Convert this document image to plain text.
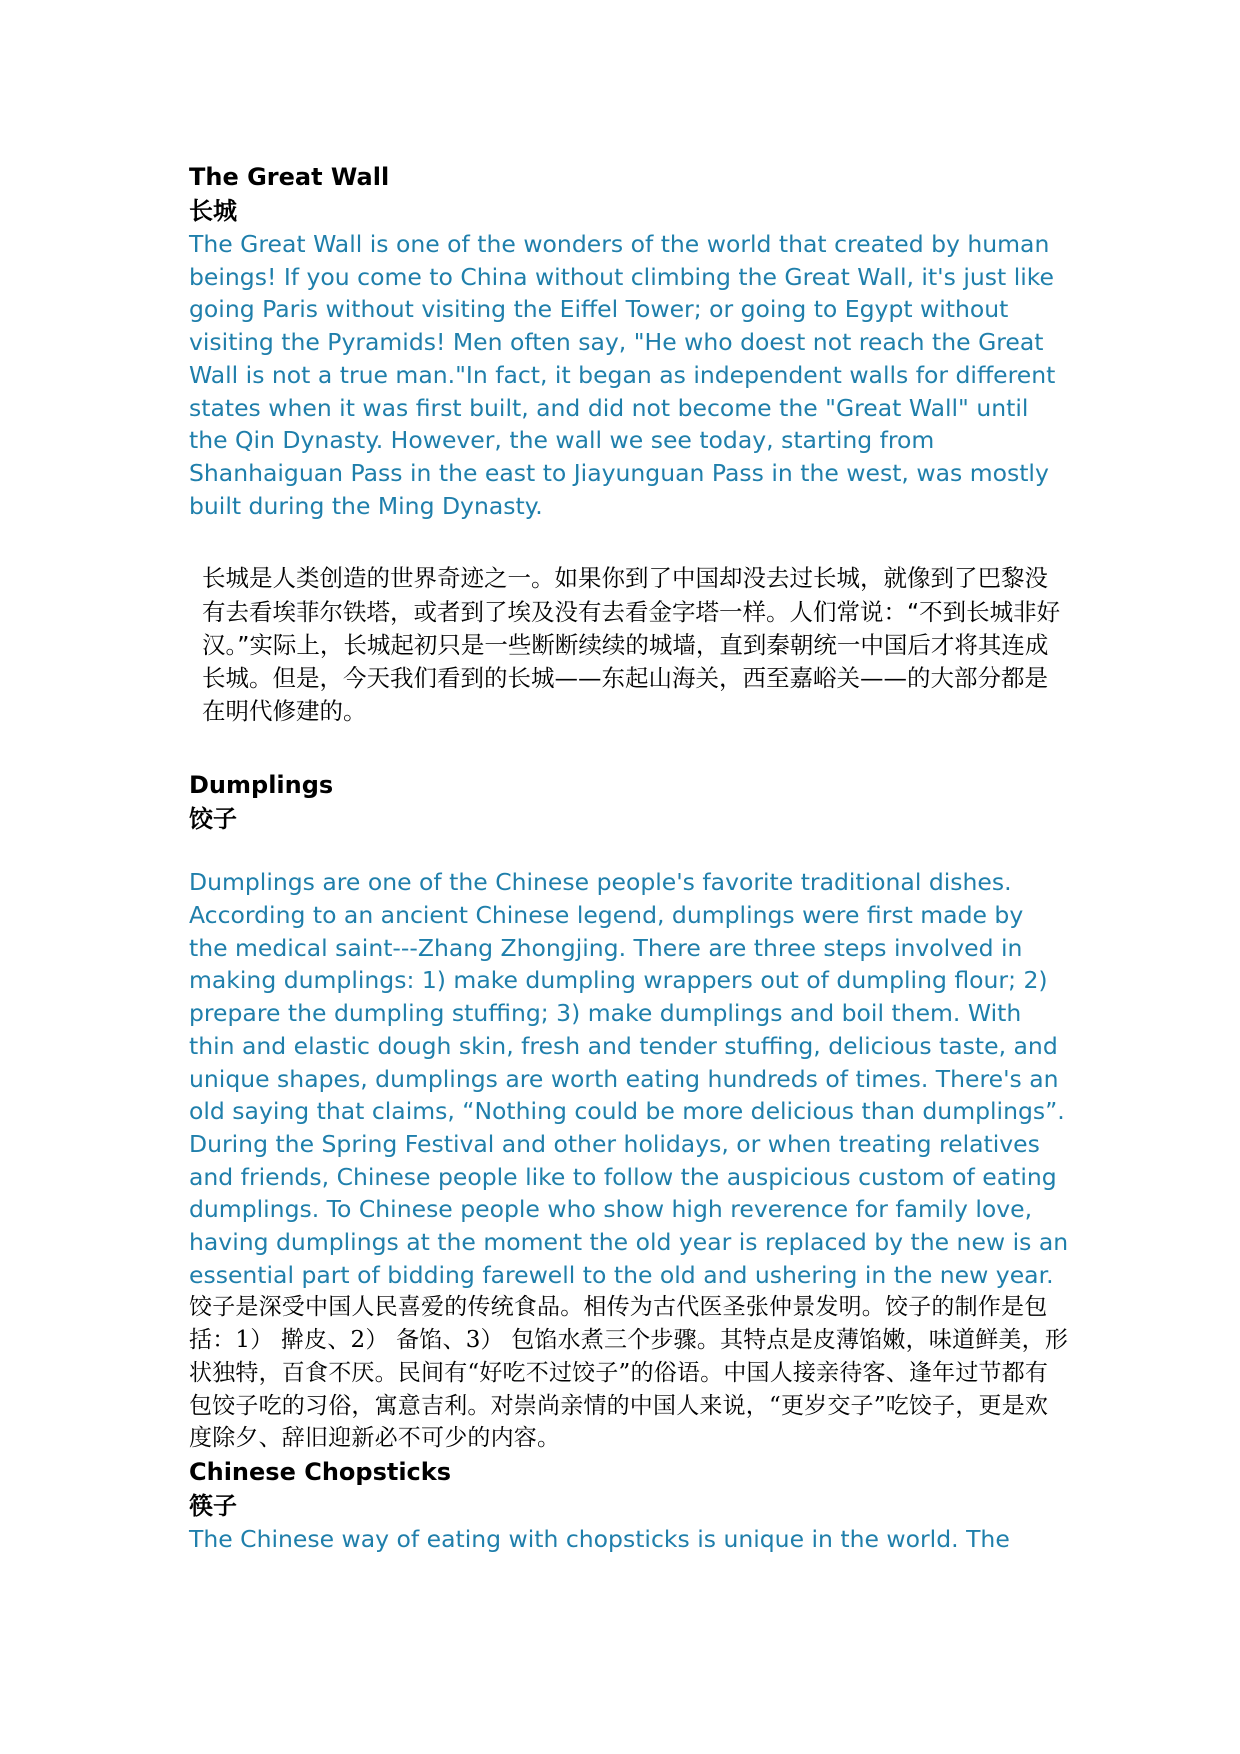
The Great Wall
长城

The Great Wall is one of the wonders of the world that created by human beings! If you come to China without climbing the Great Wall, it's just like going Paris without visiting the Eiffel Tower; or going to Egypt without visiting the Pyramids! Men often say, "He who doest not reach the Great Wall is not a true man."In fact, it began as independent walls for different states when it was first built, and did not become the "Great Wall" until the Qin Dynasty. However, the wall we see today, starting from Shanhaiguan Pass in the east to Jiayunguan Pass in the west, was mostly built during the Ming Dynasty.

长城是人类创造的世界奇迹之一。如果你到了中国却没去过长城，就像到了巴黎没有去看埃菲尔铁塔，或者到了埃及没有去看金字塔一样。人们常说：“不到长城非好汉。”实际上，长城起初只是一些断断续续的城墙，直到秦朝统一中国后才将其连成长城。但是，今天我们看到的长城——东起山海关，西至嘉峪关——的大部分都是在明代修建的。

Dumplings
饺子

Dumplings are one of the Chinese people's favorite traditional dishes. According to an ancient Chinese legend, dumplings were first made by the medical saint---Zhang Zhongjing. There are three steps involved in making dumplings: 1) make dumpling wrappers out of dumpling flour; 2) prepare the dumpling stuffing; 3) make dumplings and boil them. With thin and elastic dough skin, fresh and tender stuffing, delicious taste, and unique shapes, dumplings are worth eating hundreds of times. There's an old saying that claims, “Nothing could be more delicious than dumplings”. During the Spring Festival and other holidays, or when treating relatives and friends, Chinese people like to follow the auspicious custom of eating dumplings. To Chinese people who show high reverence for family love, having dumplings at the moment the old year is replaced by the new is an essential part of bidding farewell to the old and ushering in the new year.

饺子是深受中国人民喜爱的传统食品。相传为古代医圣张仲景发明。饺子的制作是包括：1） 擀皮、2） 备馅、3） 包馅水煮三个步骤。其特点是皮薄馅嫩，味道鲜美，形状独特，百食不厌。民间有“好吃不过饺子”的俗语。中国人接亲待客、逢年过节都有包饺子吃的习俗，寓意吉利。对崇尚亲情的中国人来说，“更岁交子”吃饺子，更是欢度除夕、辞旧迎新必不可少的内容。

Chinese Chopsticks
筷子

The Chinese way of eating with chopsticks is unique in the world. The
